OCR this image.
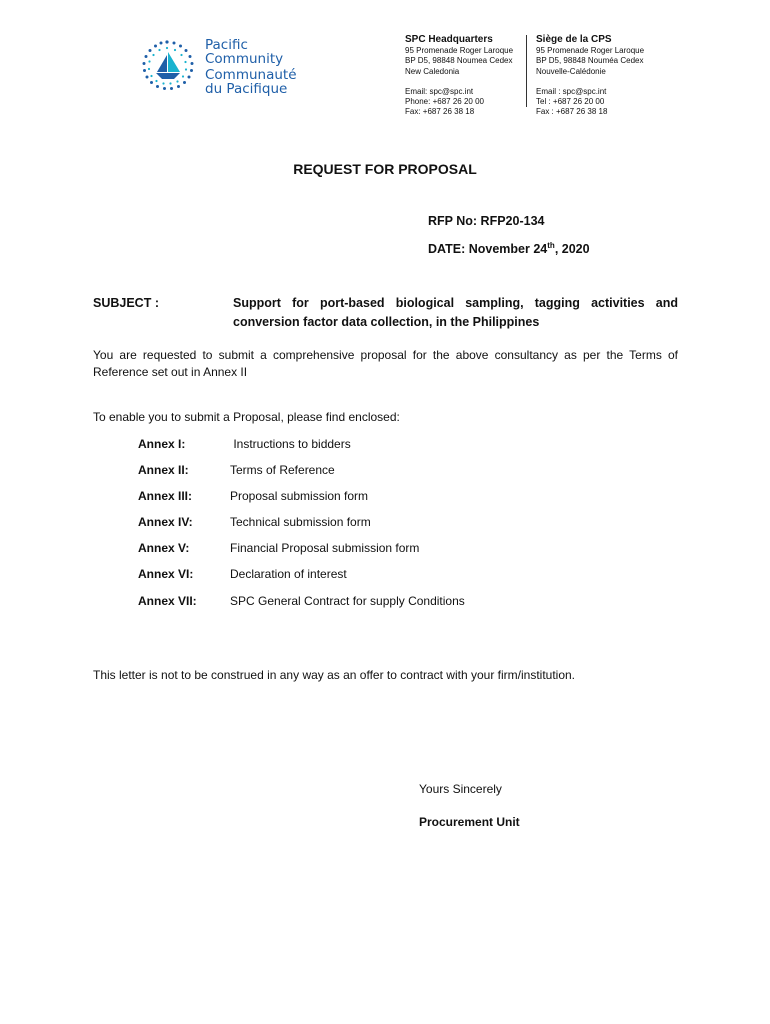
Pacific
Community
Communauté
du Pacifique
SPC Headquarters
95 Promenade Roger Laroque
BP D5, 98848 Noumea Cedex
New Caledonia
Email: spc@spc.int
Phone: +687 26 20 00
Fax: +687 26 38 18
Siège de la CPS
95 Promenade Roger Laroque
BP D5, 98848 Nouméa Cedex
Nouvelle-Calédonie
Email : spc@spc.int
Tel : +687 26 20 00
Fax : +687 26 38 18
REQUEST FOR PROPOSAL
RFP No: RFP20-134
DATE: November 24th, 2020
SUBJECT :	Support for port-based biological sampling, tagging activities and
conversion factor data collection, in the Philippines
You are requested to submit a comprehensive proposal for the above consultancy as per the Terms of Reference set out in Annex II
To enable you to submit a Proposal, please find enclosed:
Annex I:	Instructions to bidders
Annex II:	Terms of Reference
Annex III:	Proposal submission form
Annex IV:	Technical submission form
Annex V:	Financial Proposal submission form
Annex VI:	Declaration of interest
Annex VII:	SPC General Contract for supply Conditions
This letter is not to be construed in any way as an offer to contract with your firm/institution.
Yours Sincerely
Procurement Unit
